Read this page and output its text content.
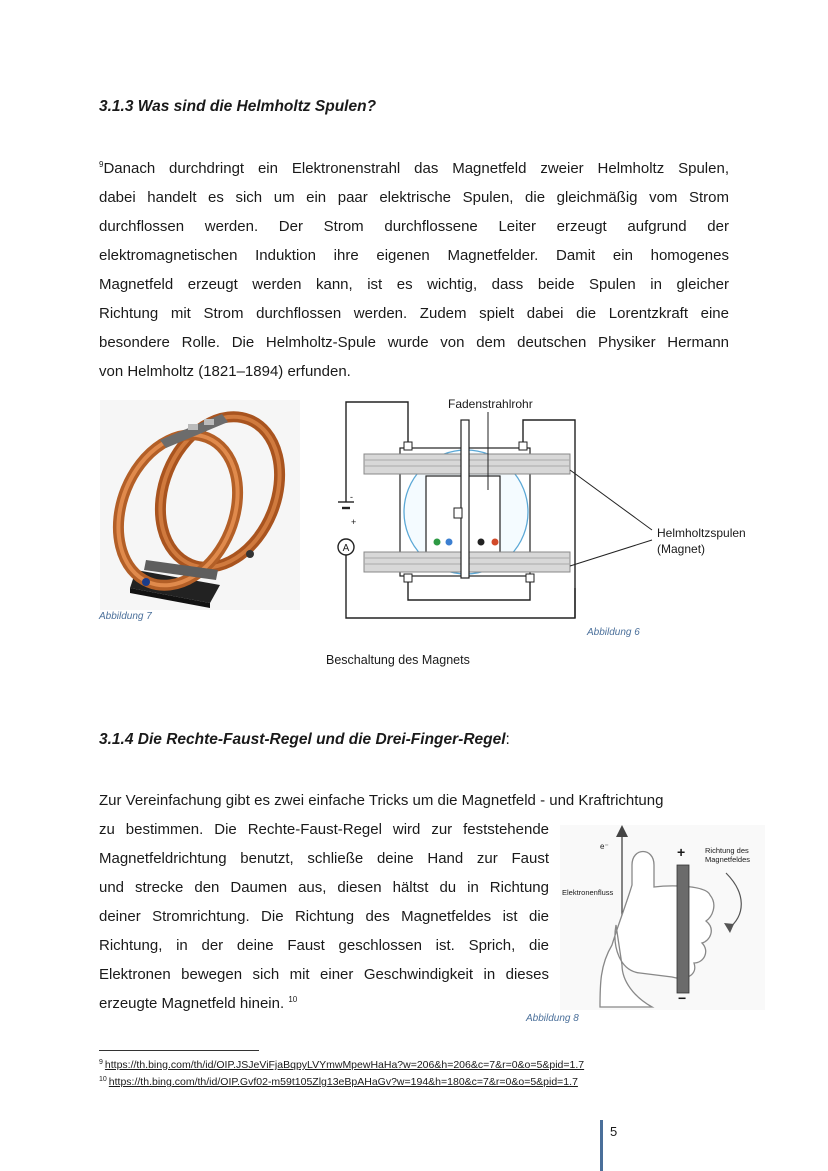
3.1.3 Was sind die Helmholtz Spulen?
$^9$Danach durchdringt ein Elektronenstrahl das Magnetfeld zweier Helmholtz Spulen,
dabei handelt es sich um ein paar elektrische Spulen, die gleichmäßig vom Strom
durchflossen werden. Der Strom durchflossene Leiter erzeugt aufgrund der
elektromagnetischen Induktion ihre eigenen Magnetfelder. Damit ein homogenes
Magnetfeld erzeugt werden kann, ist es wichtig, dass beide Spulen in gleicher
Richtung mit Strom durchflossen werden. Zudem spielt dabei die Lorentzkraft eine
besondere Rolle. Die Helmholtz-Spule wurde von dem deutschen Physiker Hermann
von Helmholtz (1821–1894) erfunden.
Abbildung 7
-
+
A
Fadenstrahlrohr
Helmholtzspulen
(Magnet)
Abbildung 6
Beschaltung des Magnets
3.1.4 Die Rechte-Faust-Regel und die Drei-Finger-Regel:
Zur Vereinfachung gibt es zwei einfache Tricks um die Magnetfeld - und Kraftrichtung
zu bestimmen. Die Rechte-Faust-Regel wird zur feststehende
Magnetfeldrichtung benutzt, schließe deine Hand zur Faust
und strecke den Daumen aus, diesen hältst du in Richtung
deiner Stromrichtung. Die Richtung des Magnetfeldes ist die
Richtung, in der deine Faust geschlossen ist. Sprich, die
Elektronen bewegen sich mit einer Geschwindigkeit in dieses
erzeugte Magnetfeld hinein. $^{10}$
e⁻
Elektronenfluss
+
−
Richtung des
Magnetfeldes
Abbildung 8
$^9$ https://th.bing.com/th/id/OIP.JSJeViFjaBqpyLVYmwMpewHaHa?w=206&h=206&c=7&r=0&o=5&pid=1.7
$^{10}$ https://th.bing.com/th/id/OIP.Gvf02-m59t105Zlg13eBpAHaGv?w=194&h=180&c=7&r=0&o=5&pid=1.7
5
